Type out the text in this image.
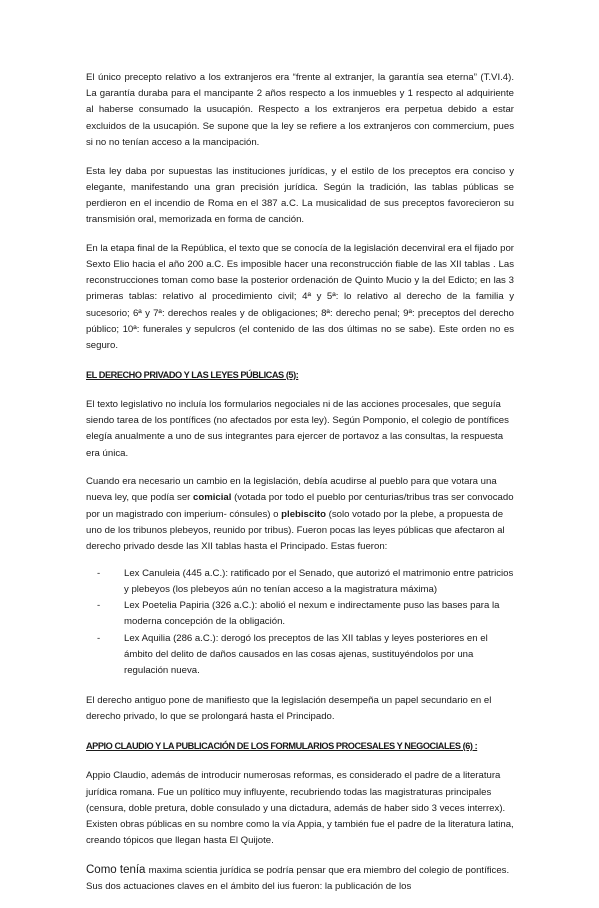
El único precepto relativo a los extranjeros era “frente al extranjer, la garantía sea eterna” (T.VI.4). La garantía duraba para el mancipante 2 años respecto a los inmuebles y 1 respecto al adquiriente al haberse consumado la usucapión. Respecto a los extranjeros era perpetua debido a estar excluidos de la usucapión. Se supone que la ley se refiere a los extranjeros con commercium, pues si no no tenían acceso a la mancipación.

Esta ley daba por supuestas las instituciones jurídicas, y el estilo de los preceptos era conciso y elegante, manifestando una gran precisión jurídica. Según la tradición, las tablas públicas se perdieron en el incendio de Roma en el 387 a.C. La musicalidad de sus preceptos favorecieron su transmisión oral, memorizada en forma de canción.

En la etapa final de la República, el texto que se conocía de la legislación decenviral era el fijado por Sexto Elio hacia el año 200 a.C. Es imposible hacer una reconstrucción fiable de las XII tablas . Las reconstrucciones toman como base la posterior ordenación de Quinto Mucio y la del Edicto; en las 3 primeras tablas: relativo al procedimiento civil; 4ª y 5ª: lo relativo al derecho de la familia y sucesorio; 6ª y 7ª: derechos reales y de obligaciones; 8ª: derecho penal; 9ª: preceptos del derecho público; 10ª: funerales y sepulcros (el contenido de las dos últimas no se sabe). Este orden no es seguro.

EL DERECHO PRIVADO Y LAS LEYES PÚBLICAS (5):

El texto legislativo no incluía los formularios negociales ni de las acciones procesales, que seguía siendo tarea de los pontífices (no afectados por esta ley). Según Pomponio, el colegio de pontífices elegía anualmente a uno de sus integrantes para ejercer de portavoz a las consultas, la respuesta era única.

Cuando era necesario un cambio en la legislación, debía acudirse al pueblo para que votara una nueva ley, que podía ser comicial (votada por todo el pueblo por centurias/tribus tras ser convocado por un magistrado con imperium- cónsules) o plebiscito (solo votado por la plebe, a propuesta de uno de los tribunos plebeyos, reunido por tribus). Fueron pocas las leyes públicas que afectaron al derecho privado desde las XII tablas hasta el Principado. Estas fueron:

- Lex Canuleia (445 a.C.): ratificado por el Senado, que autorizó el matrimonio entre patricios y plebeyos (los plebeyos aún no tenían acceso a la magistratura máxima)
- Lex Poetelia Papiria (326 a.C.): abolió el nexum e indirectamente puso las bases para la moderna concepción de la obligación.
- Lex Aquilia (286 a.C.): derogó los preceptos de las XII tablas y leyes posteriores en el ámbito del delito de daños causados en las cosas ajenas, sustituyéndolos por una regulación nueva.

El derecho antiguo pone de manifiesto que la legislación desempeña un papel secundario en el derecho privado, lo que se prolongará hasta el Principado.

APPIO CLAUDIO Y LA PUBLICACIÓN DE LOS FORMULARIOS PROCESALES Y NEGOCIALES (6) :

Appio Claudio, además de introducir numerosas reformas, es considerado el padre de a literatura jurídica romana. Fue un político muy influyente, recubriendo todas las magistraturas principales (censura, doble pretura, doble consulado y una dictadura, además de haber sido 3 veces interrex). Existen obras públicas en su nombre como la vía Appia, y también fue el padre de la literatura latina, creando tópicos que llegan hasta El Quijote.

Como tenía maxima scientia jurídica se podría pensar que era miembro del colegio de pontífices. Sus dos actuaciones claves en el ámbito del ius fueron: la publicación de los
